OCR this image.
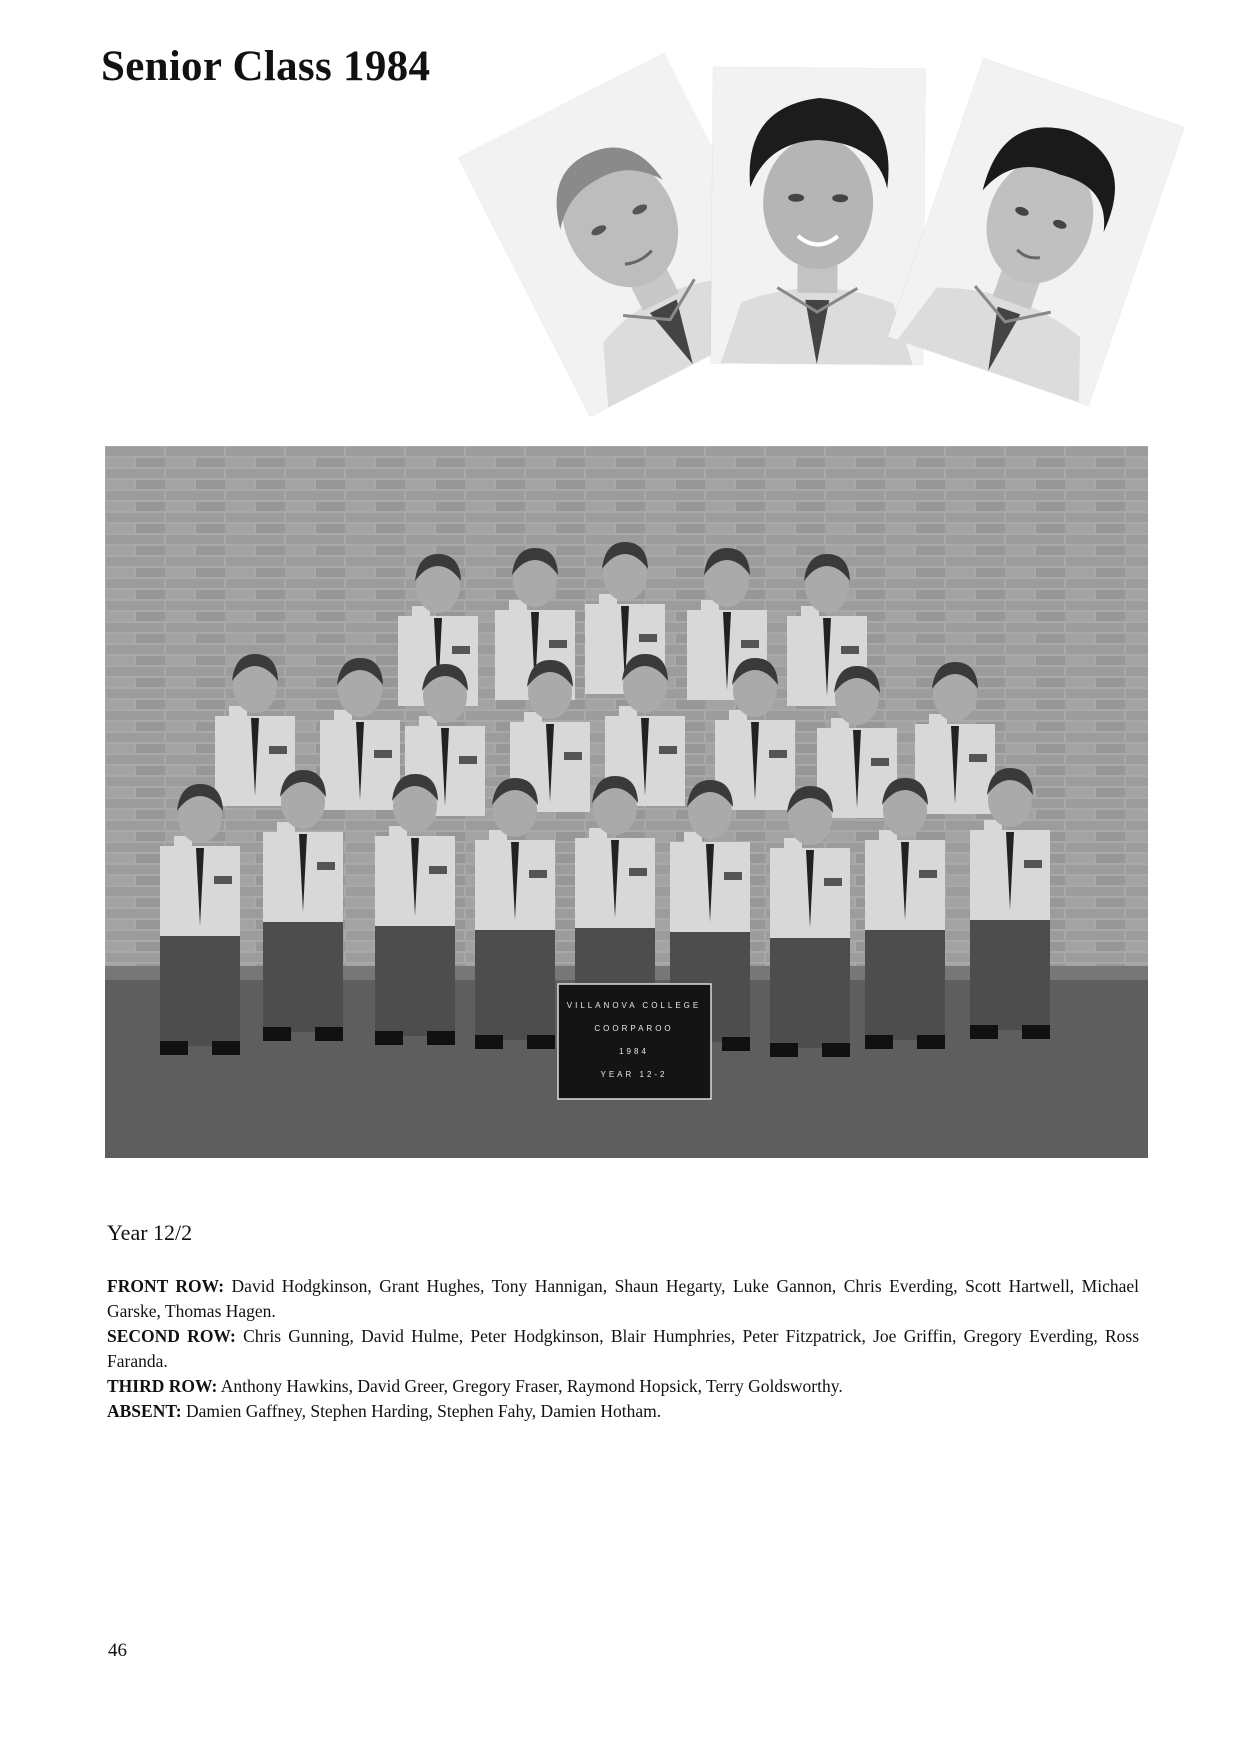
Senior Class 1984
VILLANOVA COLLEGE
COORPAROO
1984
YEAR 12-2
Year 12/2

FRONT ROW: David Hodgkinson, Grant Hughes, Tony Hannigan, Shaun Hegarty, Luke Gannon, Chris Everding, Scott Hartwell, Michael Garske, Thomas Hagen.

SECOND ROW: Chris Gunning, David Hulme, Peter Hodgkinson, Blair Humphries, Peter Fitzpatrick, Joe Griffin, Gregory Everding, Ross Faranda.

THIRD ROW: Anthony Hawkins, David Greer, Gregory Fraser, Raymond Hopsick, Terry Goldsworthy.

ABSENT: Damien Gaffney, Stephen Harding, Stephen Fahy, Damien Hotham.

46
